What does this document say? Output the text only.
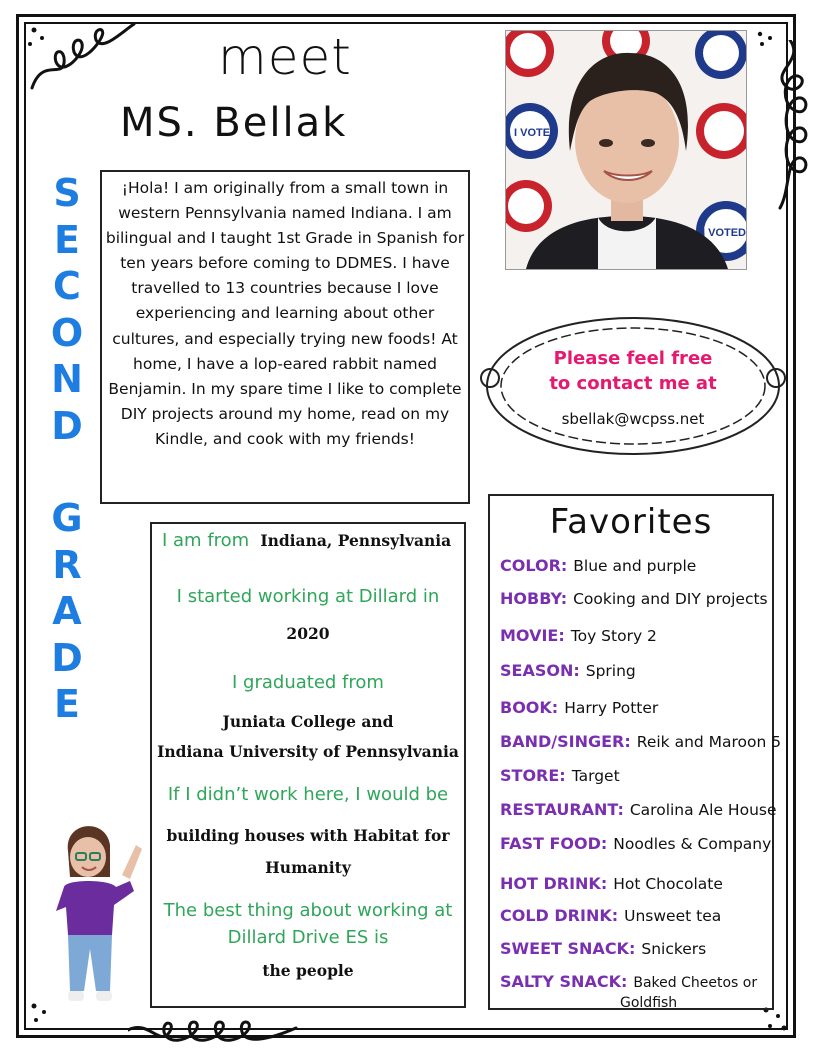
meet
MS. Bellak	I VOTED
I VOTED
S
E
C
O
N
D
G
R
A
D
E
¡Hola! I am originally from a small town in western Pennsylvania named Indiana. I am bilingual and I taught 1st Grade in Spanish for ten years before coming to DDMES. I have travelled to 13 countries because I love experiencing and learning about other cultures, and especially trying new foods! At home, I have a lop-eared rabbit named Benjamin. In my spare time I like to complete DIY projects around my home, read on my Kindle, and cook with my friends!
Please feel free
to contact me at
sbellak@wcpss.net
I am from Indiana, Pennsylvania
I started working at Dillard in
2020
I graduated from
Juniata College and
Indiana University of Pennsylvania
If I didn’t work here, I would be
building houses with Habitat for
Humanity
The best thing about working at
Dillard Drive ES is
the people
Favorites
COLOR: Blue and purple
HOBBY: Cooking and DIY projects
MOVIE: Toy Story 2
SEASON: Spring
BOOK: Harry Potter
BAND/SINGER: Reik and Maroon 5
STORE: Target
RESTAURANT: Carolina Ale House
FAST FOOD: Noodles & Company
HOT DRINK: Hot Chocolate
COLD DRINK: Unsweet tea
SWEET SNACK: Snickers
SALTY SNACK: Baked Cheetos or
Goldfish
